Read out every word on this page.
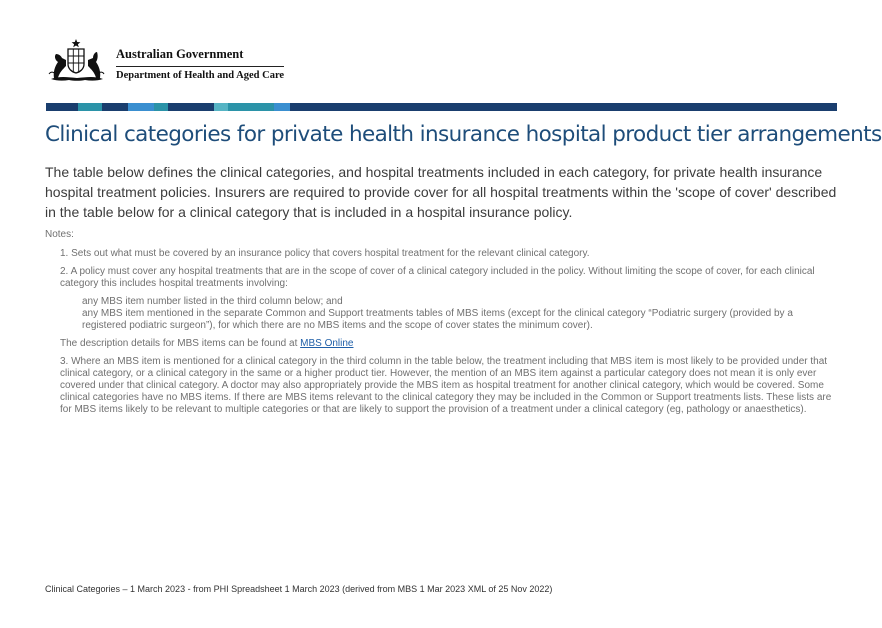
Australian Government
Department of Health and Aged Care
Clinical categories for private health insurance hospital product tier arrangements

The table below defines the clinical categories, and hospital treatments included in each category, for private health insurance hospital treatment policies. Insurers are required to provide cover for all hospital treatments within the 'scope of cover' described in the table below for a clinical category that is included in a hospital insurance policy.

Notes:

1. Sets out what must be covered by an insurance policy that covers hospital treatment for the relevant clinical category.

2. A policy must cover any hospital treatments that are in the scope of cover of a clinical category included in the policy. Without limiting the scope of cover, for each clinical category this includes hospital treatments involving:

any MBS item number listed in the third column below; and

any MBS item mentioned in the separate Common and Support treatments tables of MBS items (except for the clinical category “Podiatric surgery (provided by a registered podiatric surgeon”), for which there are no MBS items and the scope of cover states the minimum cover).

The description details for MBS items can be found at MBS Online

3. Where an MBS item is mentioned for a clinical category in the third column in the table below, the treatment including that MBS item is most likely to be provided under that clinical category, or a clinical category in the same or a higher product tier. However, the mention of an MBS item against a particular category does not mean it is only ever covered under that clinical category. A doctor may also appropriately provide the MBS item as hospital treatment for another clinical category, which would be covered. Some clinical categories have no MBS items. If there are MBS items relevant to the clinical category they may be included in the Common or Support treatments lists. These lists are for MBS items likely to be relevant to multiple categories or that are likely to support the provision of a treatment under a clinical category (eg, pathology or anaesthetics).

Clinical Categories – 1 March 2023 - from PHI Spreadsheet 1 March 2023 (derived from MBS 1 Mar 2023 XML of 25 Nov 2022)
